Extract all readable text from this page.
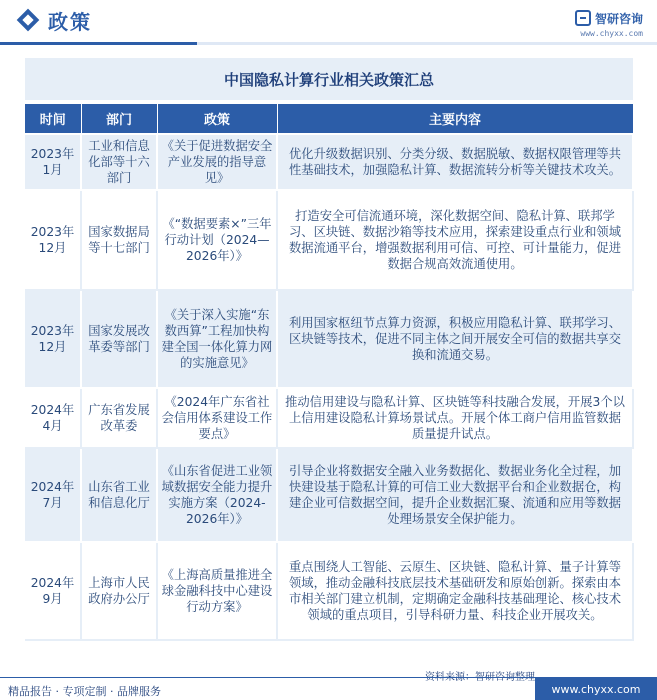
政策	智研咨询
www.chyxx.com
中国隐私计算行业相关政策汇总
时间	部门	政策	主要内容
2023年1月	工业和信息化部等十六部门	《关于促进数据安全产业发展的指导意见》	优化升级数据识别、分类分级、数据脱敏、数据权限管理等共性基础技术，加强隐私计算、数据流转分析等关键技术攻关。
2023年12月	国家数据局等十七部门	《“数据要素×”三年行动计划（2024—2026年）》	打造安全可信流通环境，深化数据空间、隐私计算、联邦学习、区块链、数据沙箱等技术应用，探索建设重点行业和领域数据流通平台，增强数据利用可信、可控、可计量能力，促进数据合规高效流通使用。
2023年12月	国家发展改革委等部门	《关于深入实施“东数西算”工程加快构建全国一体化算力网的实施意见》	利用国家枢纽节点算力资源，积极应用隐私计算、联邦学习、区块链等技术，促进不同主体之间开展安全可信的数据共享交换和流通交易。
2024年4月	广东省发展改革委	《2024年广东省社会信用体系建设工作要点》	推动信用建设与隐私计算、区块链等科技融合发展，开展3个以上信用建设隐私计算场景试点。开展个体工商户信用监管数据质量提升试点。
2024年7月	山东省工业和信息化厅	《山东省促进工业领域数据安全能力提升实施方案（2024-2026年）》	引导企业将数据安全融入业务数据化、数据业务化全过程，加快建设基于隐私计算的可信工业大数据平台和企业数据仓，构建企业可信数据空间，提升企业数据汇聚、流通和应用等数据处理场景安全保护能力。
2024年9月	上海市人民政府办公厅	《上海高质量推进全球金融科技中心建设行动方案》	重点围绕人工智能、云原生、区块链、隐私计算、量子计算等领域，推动金融科技底层技术基础研发和原始创新。探索由本市相关部门建立机制，定期确定金融科技基础理论、核心技术领域的重点项目，引导科研力量、科技企业开展攻关。
精品报告 · 专项定制 · 品牌服务	www.chyxx.com
